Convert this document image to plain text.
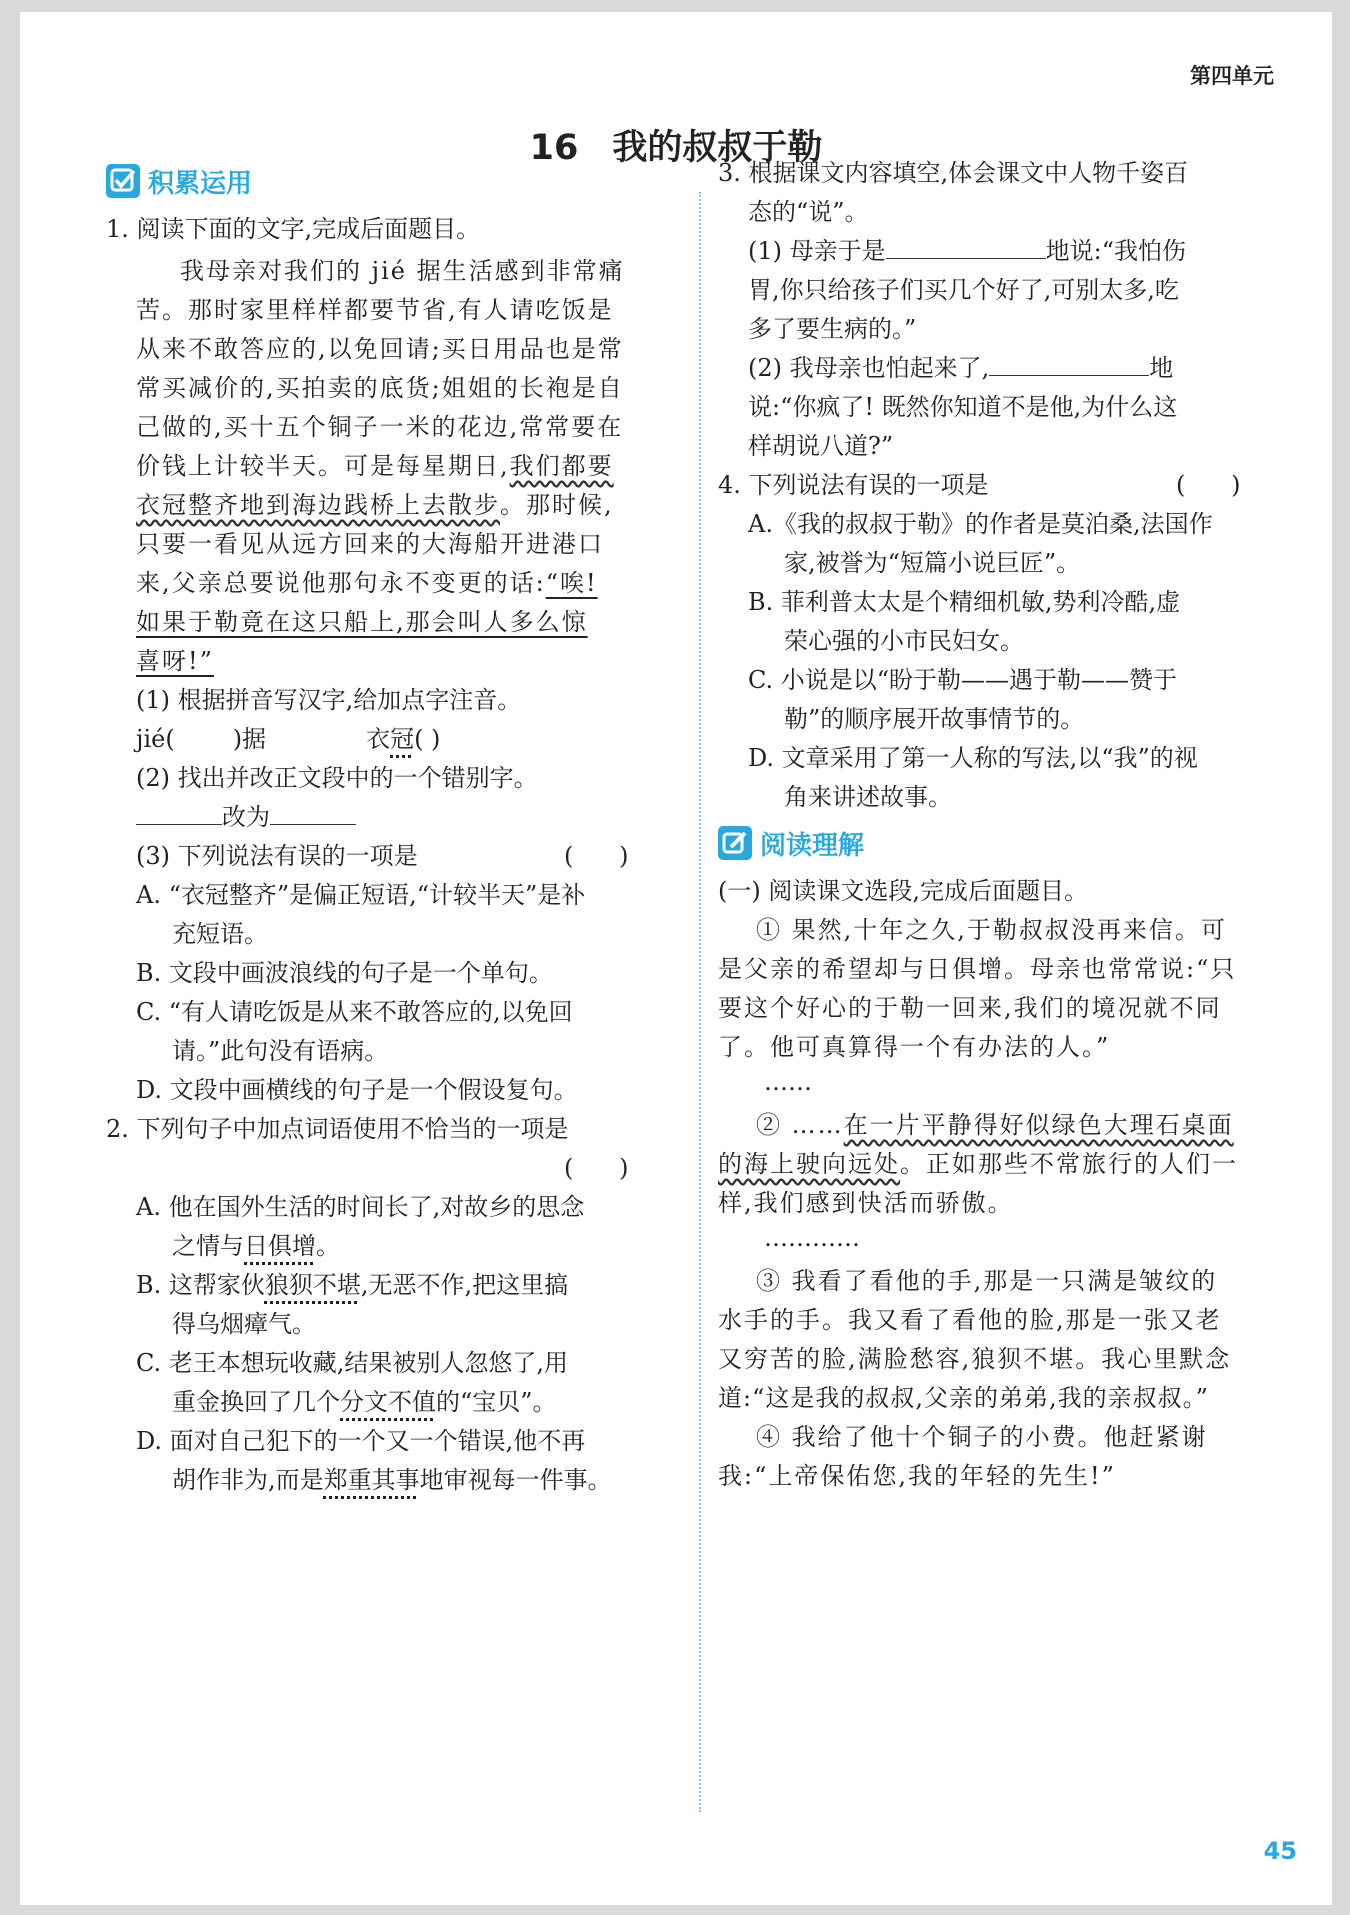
第四单元
16 我的叔叔于勒
积累运用
1. 阅读下面的文字,完成后面题目。
我母亲对我们的 jié 据生活感到非常痛
苦。那时家里样样都要节省,有人请吃饭是
从来不敢答应的,以免回请;买日用品也是常
常买减价的,买拍卖的底货;姐姐的长袍是自
己做的,买十五个铜子一米的花边,常常要在
价钱上计较半天。可是每星期日,我们都要
衣冠整齐地到海边践桥上去散步。那时候,
只要一看见从远方回来的大海船开进港口
来,父亲总要说他那句永不变更的话:“唉!
如果于勒竟在这只船上,那会叫人多么惊
喜呀!”
(1) 根据拼音写汉字,给加点字注音。
jié( )据	衣冠( )
(2) 找出并改正文段中的一个错别字。
改为
(3) 下列说法有误的一项是	(      )
A. “衣冠整齐”是偏正短语,“计较半天”是补
充短语。
B. 文段中画波浪线的句子是一个单句。
C. “有人请吃饭是从来不敢答应的,以免回
请。”此句没有语病。
D. 文段中画横线的句子是一个假设复句。
2. 下列句子中加点词语使用不恰当的一项是
(      )
A. 他在国外生活的时间长了,对故乡的思念
之情与日俱增。
B. 这帮家伙狼狈不堪,无恶不作,把这里搞
得乌烟瘴气。
C. 老王本想玩收藏,结果被别人忽悠了,用
重金换回了几个分文不值的“宝贝”。
D. 面对自己犯下的一个又一个错误,他不再
胡作非为,而是郑重其事地审视每一件事。
3. 根据课文内容填空,体会课文中人物千姿百
态的“说”。
(1) 母亲于是	地说:“我怕伤
胃,你只给孩子们买几个好了,可别太多,吃
多了要生病的。”
(2) 我母亲也怕起来了,	地
说:“你疯了! 既然你知道不是他,为什么这
样胡说八道?”
4. 下列说法有误的一项是	(      )
A.《我的叔叔于勒》的作者是莫泊桑,法国作
家,被誉为“短篇小说巨匠”。
B. 菲利普太太是个精细机敏,势利冷酷,虚
荣心强的小市民妇女。
C. 小说是以“盼于勒——遇于勒——赞于
勒”的顺序展开故事情节的。
D. 文章采用了第一人称的写法,以“我”的视
角来讲述故事。
阅读理解
(一) 阅读课文选段,完成后面题目。
① 果然,十年之久,于勒叔叔没再来信。可
是父亲的希望却与日俱增。母亲也常常说:“只
要这个好心的于勒一回来,我们的境况就不同
了。他可真算得一个有办法的人。”
……
② ……在一片平静得好似绿色大理石桌面
的海上驶向远处。正如那些不常旅行的人们一
样,我们感到快活而骄傲。
…………
③ 我看了看他的手,那是一只满是皱纹的
水手的手。我又看了看他的脸,那是一张又老
又穷苦的脸,满脸愁容,狼狈不堪。我心里默念
道:“这是我的叔叔,父亲的弟弟,我的亲叔叔。”
④ 我给了他十个铜子的小费。他赶紧谢
我:“上帝保佑您,我的年轻的先生!”
45
